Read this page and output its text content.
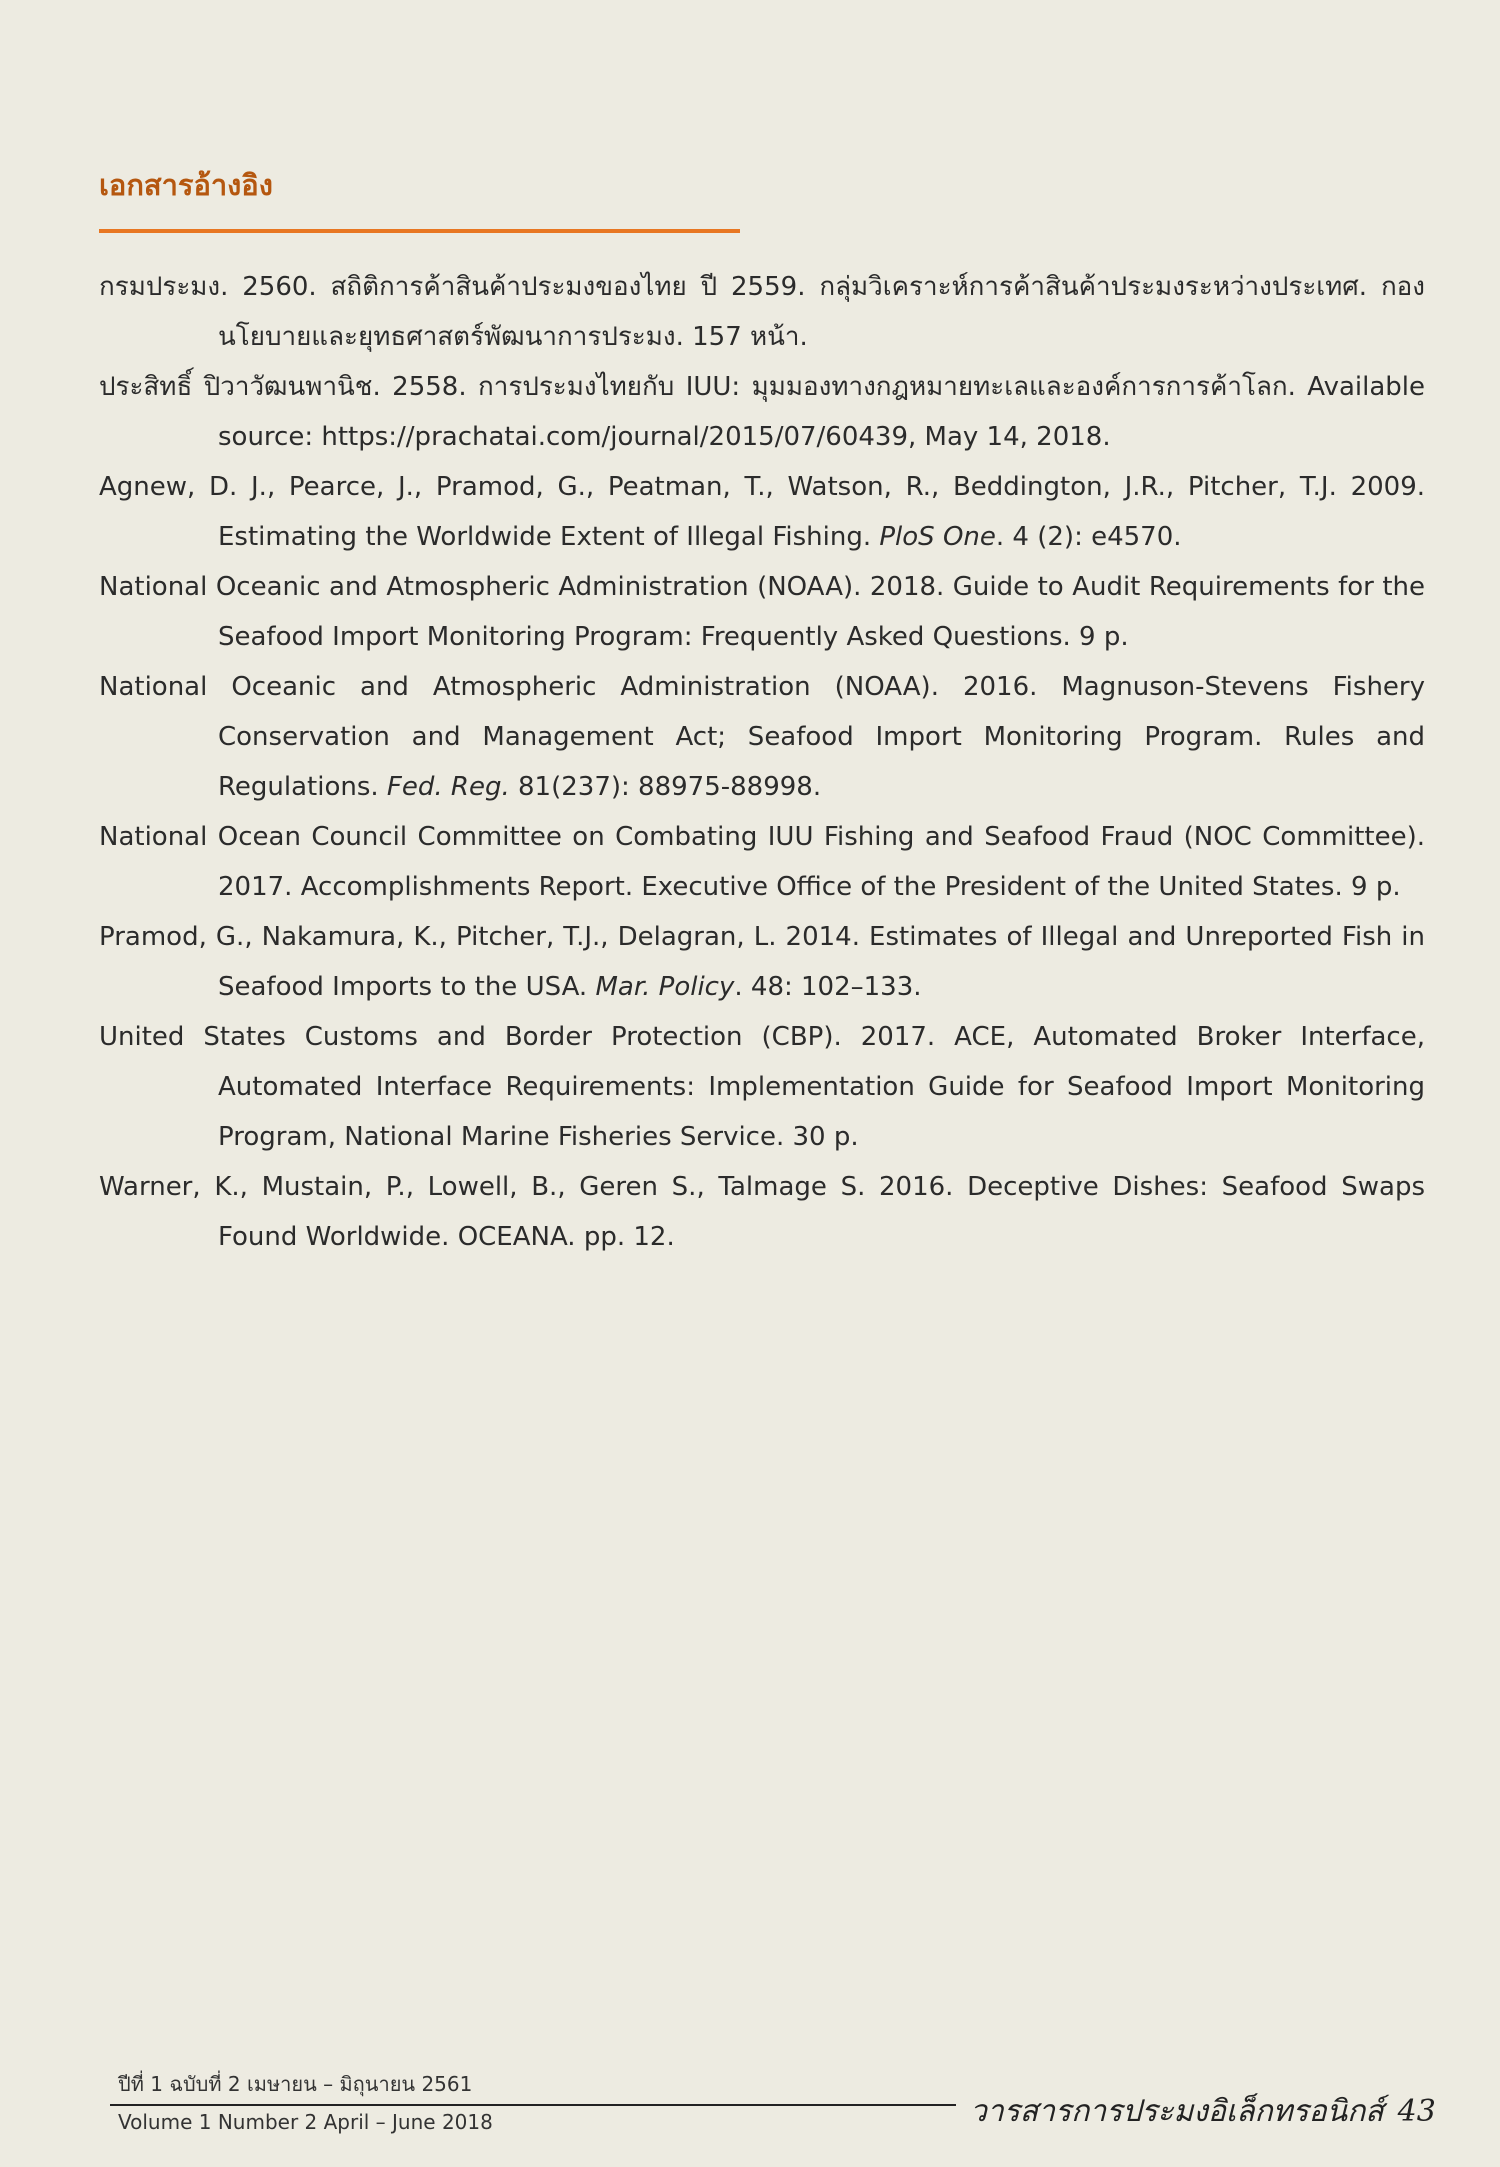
เอกสารอ้างอิง

กรมประมง. 2560. สถิติการค้าสินค้าประมงของไทย ปี 2559. กลุ่มวิเคราะห์การค้าสินค้าประมงระหว่างประเทศ. กองนโยบายและยุทธศาสตร์พัฒนาการประมง. 157 หน้า.

ประสิทธิ์ ปิวาวัฒนพานิช. 2558. การประมงไทยกับ IUU: มุมมองทางกฎหมายทะเลและองค์การการค้าโลก. Available source: https://prachatai.com/journal/2015/07/60439, May 14, 2018.

Agnew, D. J., Pearce, J., Pramod, G., Peatman, T., Watson, R., Beddington, J.R., Pitcher, T.J. 2009. Estimating the Worldwide Extent of Illegal Fishing. PloS One. 4 (2): e4570.

National Oceanic and Atmospheric Administration (NOAA). 2018. Guide to Audit Requirements for the Seafood Import Monitoring Program: Frequently Asked Questions. 9 p.

National Oceanic and Atmospheric Administration (NOAA). 2016. Magnuson-Stevens Fishery Conservation and Management Act; Seafood Import Monitoring Program. Rules and Regulations. Fed. Reg. 81(237): 88975-88998.

National Ocean Council Committee on Combating IUU Fishing and Seafood Fraud (NOC Committee). 2017. Accomplishments Report. Executive Office of the President of the United States. 9 p.

Pramod, G., Nakamura, K., Pitcher, T.J., Delagran, L. 2014. Estimates of Illegal and Unreported Fish in Seafood Imports to the USA. Mar. Policy. 48: 102–133.

United States Customs and Border Protection (CBP). 2017. ACE, Automated Broker Interface, Automated Interface Requirements: Implementation Guide for Seafood Import Monitoring Program, National Marine Fisheries Service. 30 p.

Warner, K., Mustain, P., Lowell, B., Geren S., Talmage S. 2016. Deceptive Dishes: Seafood Swaps Found Worldwide. OCEANA. pp. 12.

ปีที่ 1 ฉบับที่ 2 เมษายน – มิถุนายน 2561
Volume 1 Number 2 April – June 2018	วารสารการประมงอิเล็กทรอนิกส์ 43
